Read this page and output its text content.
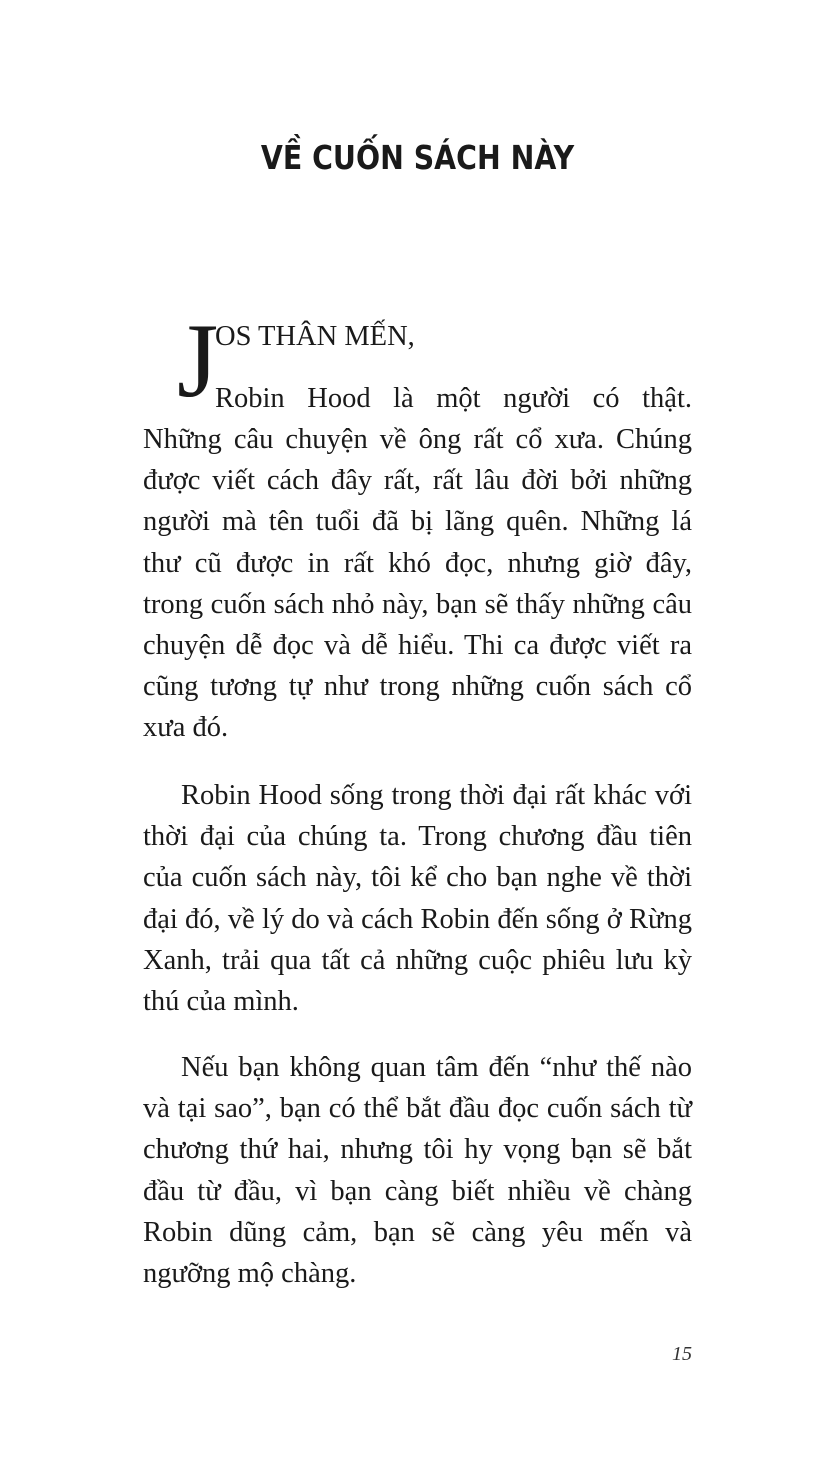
VỀ CUỐN SÁCH NÀY
J
OS THÂN MẾN,
Robin Hood là một người có thật.

Những câu chuyện về ông rất cổ xưa. Chúng được viết cách đây rất, rất lâu đời bởi những người mà tên tuổi đã bị lãng quên. Những lá thư cũ được in rất khó đọc, nhưng giờ đây, trong cuốn sách nhỏ này, bạn sẽ thấy những câu chuyện dễ đọc và dễ hiểu. Thi ca được viết ra cũng tương tự như trong những cuốn sách cổ xưa đó.

Robin Hood sống trong thời đại rất khác với thời đại của chúng ta. Trong chương đầu tiên của cuốn sách này, tôi kể cho bạn nghe về thời đại đó, về lý do và cách Robin đến sống ở Rừng Xanh, trải qua tất cả những cuộc phiêu lưu kỳ thú của mình.

Nếu bạn không quan tâm đến “như thế nào và tại sao”, bạn có thể bắt đầu đọc cuốn sách từ chương thứ hai, nhưng tôi hy vọng bạn sẽ bắt đầu từ đầu, vì bạn càng biết nhiều về chàng Robin dũng cảm, bạn sẽ càng yêu mến và ngưỡng mộ chàng.

15
